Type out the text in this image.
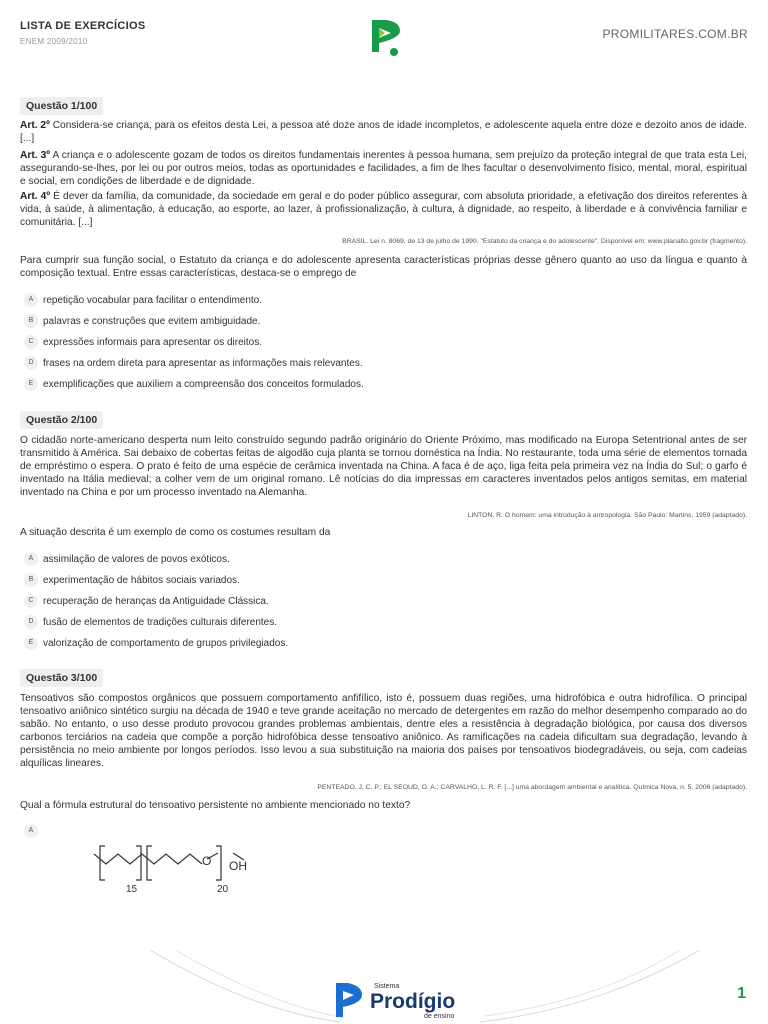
LISTA DE EXERCÍCIOS
ENEM 2009/2010
PROMILITARES.COM.BR
Questão 1/100

Art. 2º Considera-se criança, para os efeitos desta Lei, a pessoa até doze anos de idade incompletos, e adolescente aquela entre doze e dezoito anos de idade. [...]

Art. 3º A criança e o adolescente gozam de todos os direitos fundamentais inerentes à pessoa humana, sem prejuízo da proteção integral de que trata esta Lei, assegurando-se-lhes, por lei ou por outros meios, todas as oportunidades e facilidades, a fim de lhes facultar o desenvolvimento físico, mental, moral, espiritual e social, em condições de liberdade e de dignidade.

Art. 4º É dever da família, da comunidade, da sociedade em geral e do poder público assegurar, com absoluta prioridade, a efetivação dos direitos referentes à vida, à saúde, à alimentação, à educação, ao esporte, ao lazer, à profissionalização, à cultura, à dignidade, ao respeito, à liberdade e à convivência familiar e comunitária. [...]

BRASIL. Lei n. 8069, de 13 de julho de 1990. "Estatuto da criança e do adolescente". Disponível em: www.planalto.gov.br (fragmento).

Para cumprir sua função social, o Estatuto da criança e do adolescente apresenta características próprias desse gênero quanto ao uso da língua e quanto à composição textual. Entre essas características, destaca-se o emprego de

A repetição vocabular para facilitar o entendimento.
B palavras e construções que evitem ambiguidade.
C expressões informais para apresentar os direitos.
D frases na ordem direta para apresentar as informações mais relevantes.
E exemplificações que auxiliem a compreensão dos conceitos formulados.
Questão 2/100

O cidadão norte-americano desperta num leito construído segundo padrão originário do Oriente Próximo, mas modificado na Europa Setentrional antes de ser transmitido à América. Sai debaixo de cobertas feitas de algodão cuja planta se tornou doméstica na Índia. No restaurante, toda uma série de elementos tomada de empréstimo o espera. O prato é feito de uma espécie de cerâmica inventada na China. A faca é de aço, liga feita pela primeira vez na Índia do Sul; o garfo é inventado na Itália medieval; a colher vem de um original romano. Lê notícias do dia impressas em caracteres inventados pelos antigos semitas, em material inventado na China e por um processo inventado na Alemanha.

LINTON, R. O homem: uma introdução à antropologia. São Paulo: Martins, 1959 (adaptado).

A situação descrita é um exemplo de como os costumes resultam da

A assimilação de valores de povos exóticos.
B experimentação de hábitos sociais variados.
C recuperação de heranças da Antiguidade Clássica.
D fusão de elementos de tradições culturais diferentes.
E valorização de comportamento de grupos privilegiados.
Questão 3/100

Tensoativos são compostos orgânicos que possuem comportamento anfifílico, isto é, possuem duas regiões, uma hidrofóbica e outra hidrofílica. O principal tensoativo aniônico sintético surgiu na década de 1940 e teve grande aceitação no mercado de detergentes em razão do melhor desempenho comparado ao do sabão. No entanto, o uso desse produto provocou grandes problemas ambientais, dentre eles a resistência à degradação biológica, por causa dos diversos carbonos terciários na cadeia que compõe a porção hidrofóbica desse tensoativo aniônico. As ramificações na cadeia dificultam sua degradação, levando à persistência no meio ambiente por longos períodos. Isso levou a sua substituição na maioria dos países por tensoativos biodegradáveis, ou seja, com cadeias alquílicas lineares.

PENTEADO, J. C. P.; EL SEOUD, O. A.; CARVALHO, L. R. F. [...] uma abordagem ambiental e analítica. Química Nova, n. 5, 2006 (adaptado).

Qual a fórmula estrutural do tensoativo persistente no ambiente mencionado no texto?

A
O OH
15	20
Sistema
Prodígio
de ensino
1
